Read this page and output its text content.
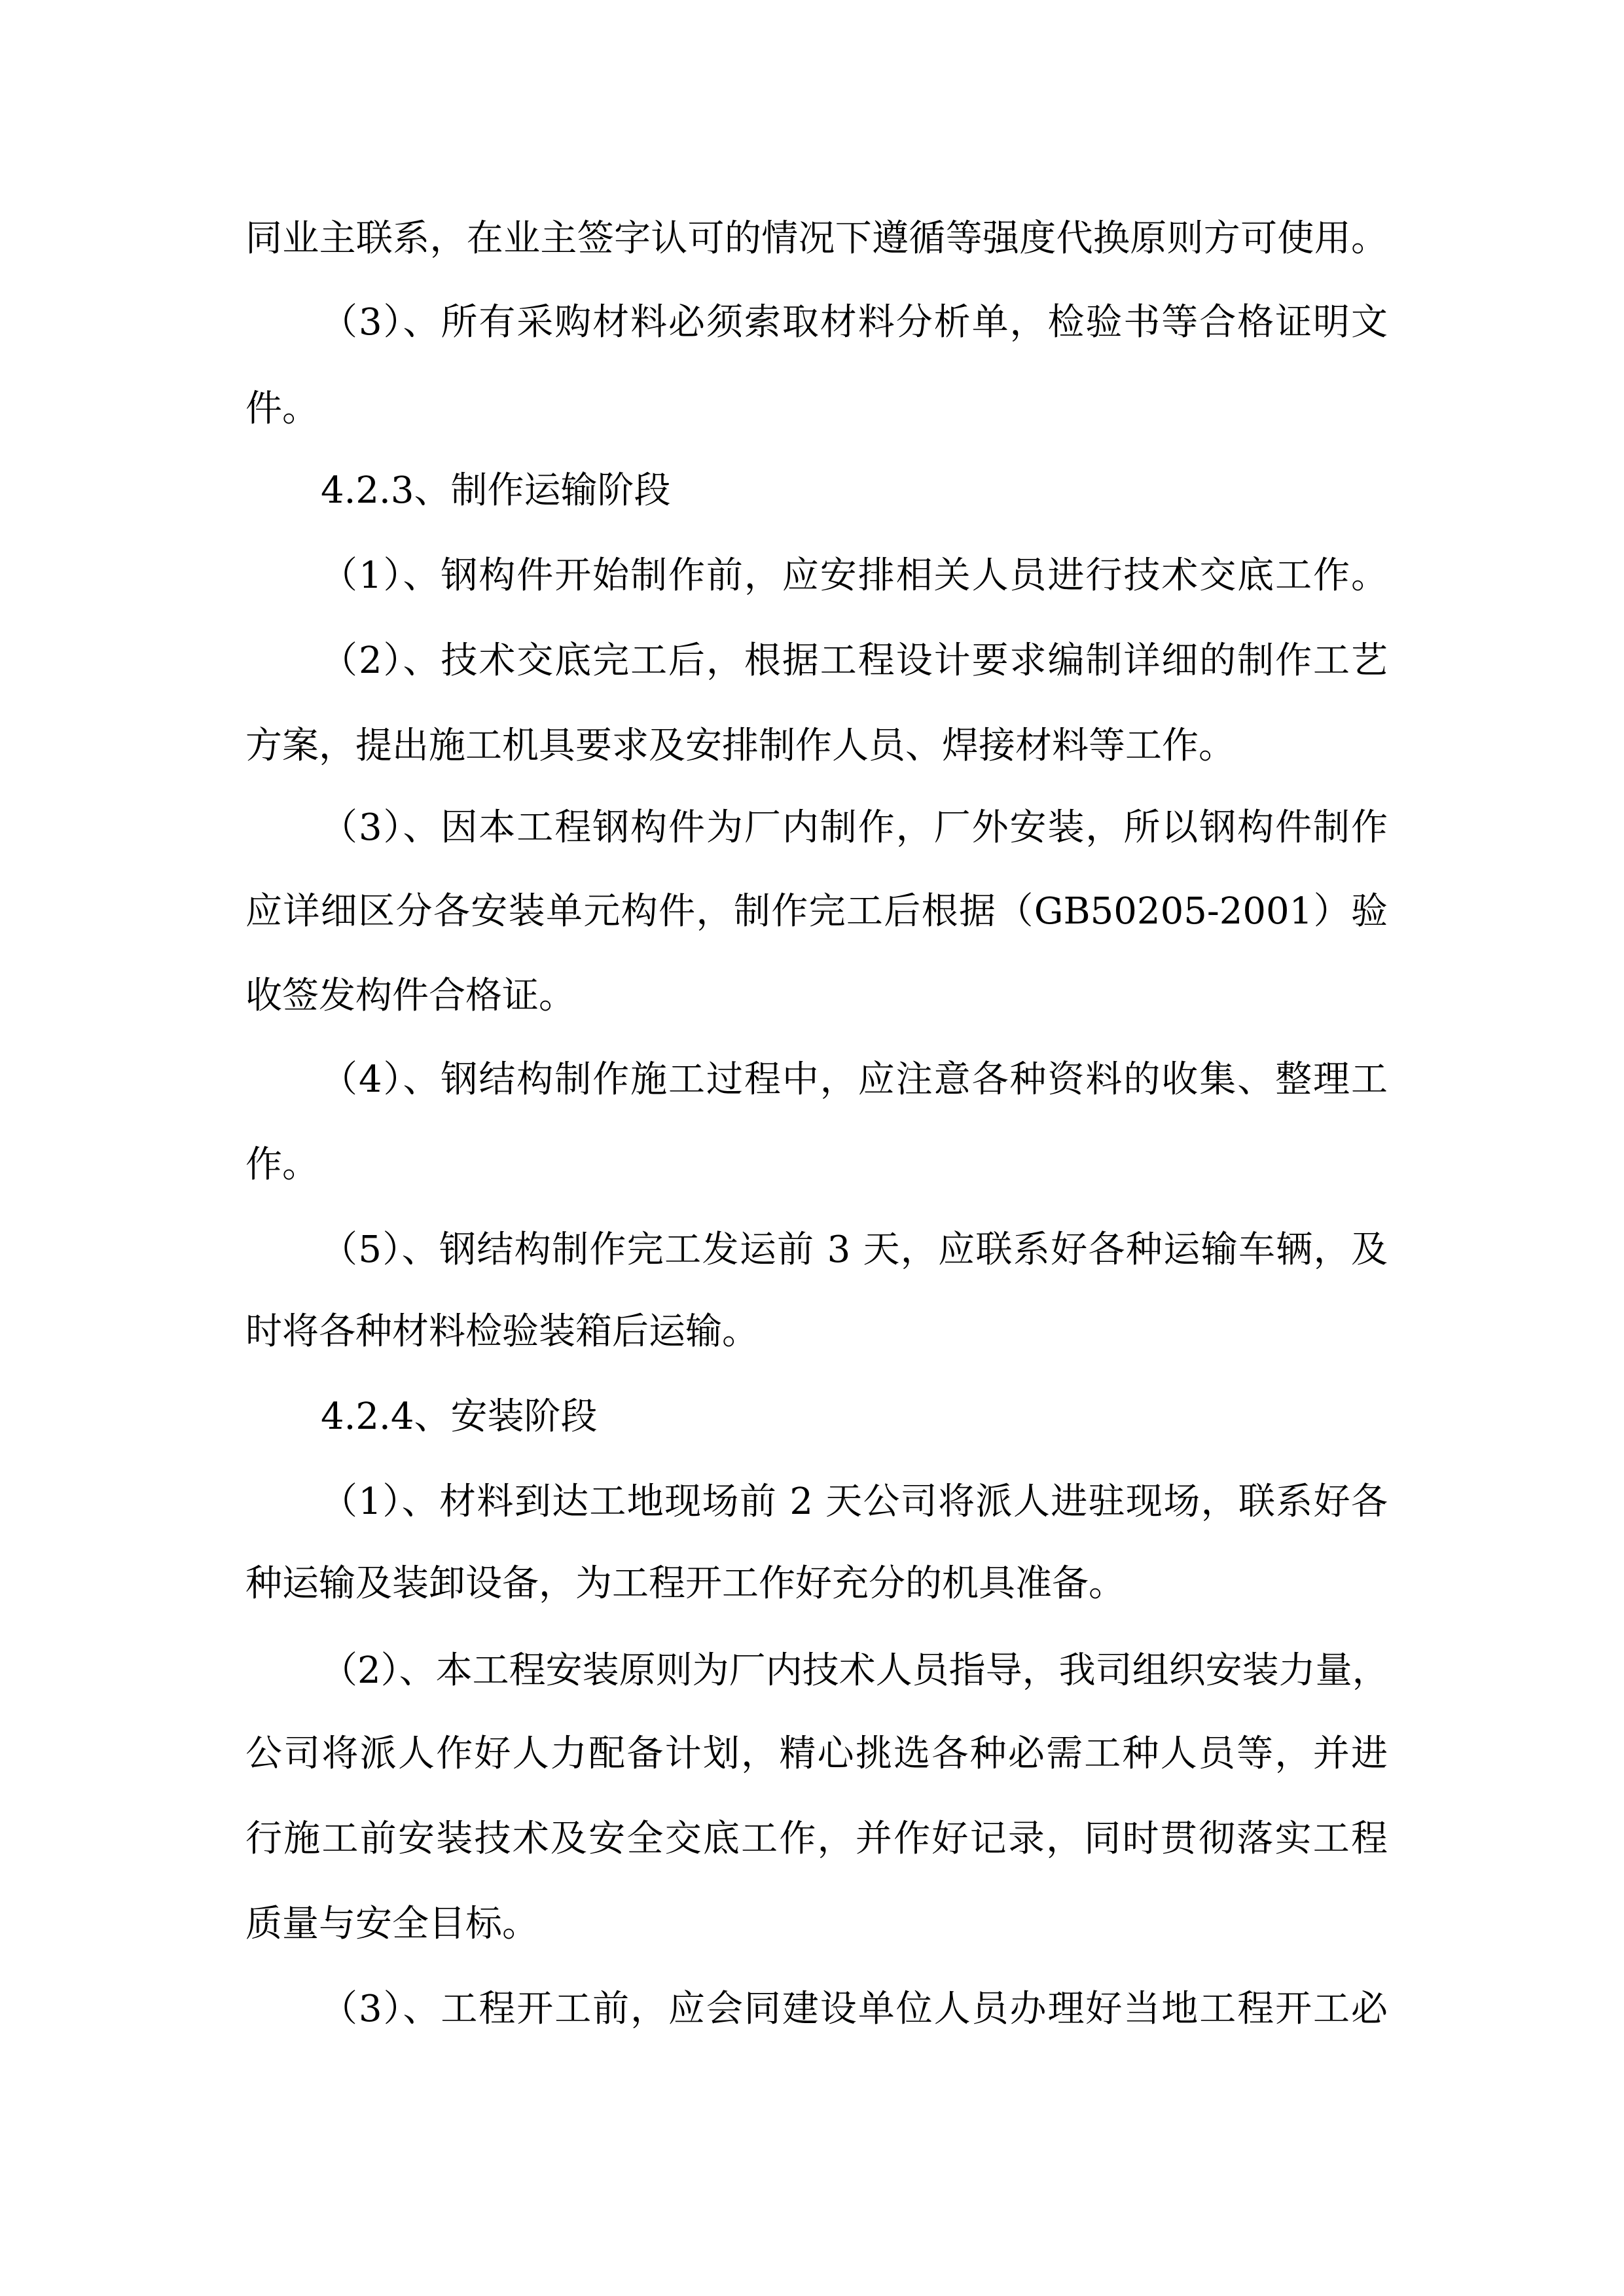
同业主联系，在业主签字认可的情况下遵循等强度代换原则方可使用。
（3）、所有采购材料必须索取材料分析单，检验书等合格证明文
件。
4.2.3、制作运输阶段
（1）、钢构件开始制作前，应安排相关人员进行技术交底工作。
（2）、技术交底完工后，根据工程设计要求编制详细的制作工艺
方案，提出施工机具要求及安排制作人员、焊接材料等工作。
（3）、因本工程钢构件为厂内制作，厂外安装，所以钢构件制作
应详细区分各安装单元构件，制作完工后根据（GB50205-2001）验
收签发构件合格证。
（4）、钢结构制作施工过程中，应注意各种资料的收集、整理工
作。
（5）、钢结构制作完工发运前 3 天，应联系好各种运输车辆，及
时将各种材料检验装箱后运输。
4.2.4、安装阶段
（1）、材料到达工地现场前 2 天公司将派人进驻现场，联系好各
种运输及装卸设备，为工程开工作好充分的机具准备。
（2）、本工程安装原则为厂内技术人员指导，我司组织安装力量，
公司将派人作好人力配备计划，精心挑选各种必需工种人员等，并进
行施工前安装技术及安全交底工作，并作好记录，同时贯彻落实工程
质量与安全目标。
（3）、工程开工前，应会同建设单位人员办理好当地工程开工必
